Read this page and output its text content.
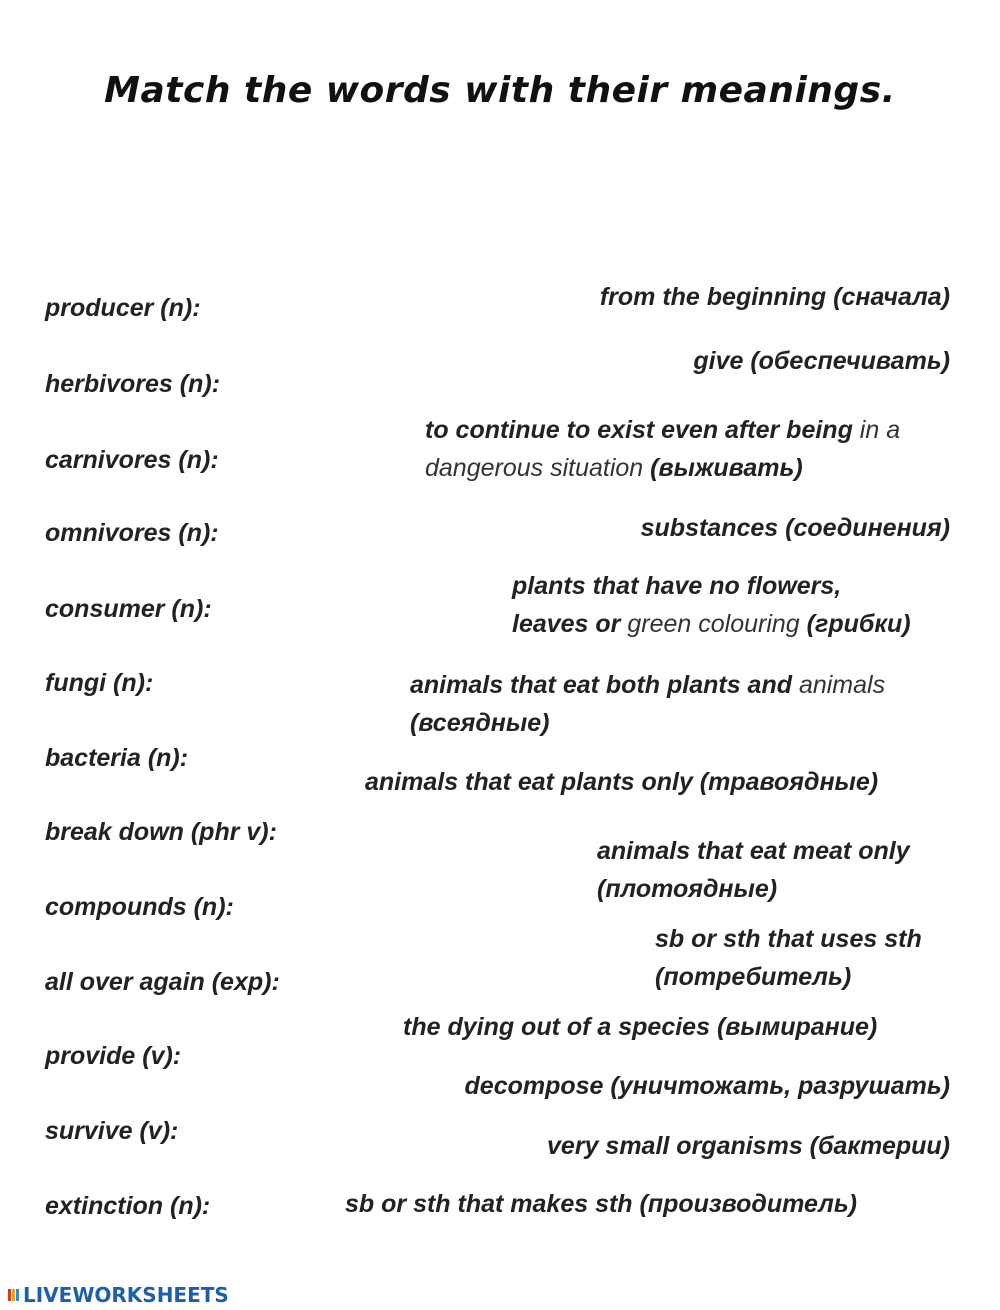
Match the words with their meanings.
producer (n):
herbivores (n):
carnivores (n):
omnivores (n):
consumer (n):
fungi (n):
bacteria (n):
break down (phr v):
compounds (n):
all over again (exp):
provide (v):
survive (v):
extinction (n):
from the beginning (сначала)
give (обеспечивать)
to continue to exist even after being in a
dangerous situation (выживать)
substances (соединения)
plants that have no flowers,
leaves or green colouring (грибки)
animals that eat both plants and animals
(всеядные)
animals that eat plants only (травоядные)
animals that eat meat only
(плотоядные)
sb or sth that uses sth
(потребитель)
the dying out of a species (вымирание)
decompose (уничтожать, разрушать)
very small organisms (бактерии)
sb or sth that makes sth (производитель)
LIVEWORKSHEETS
